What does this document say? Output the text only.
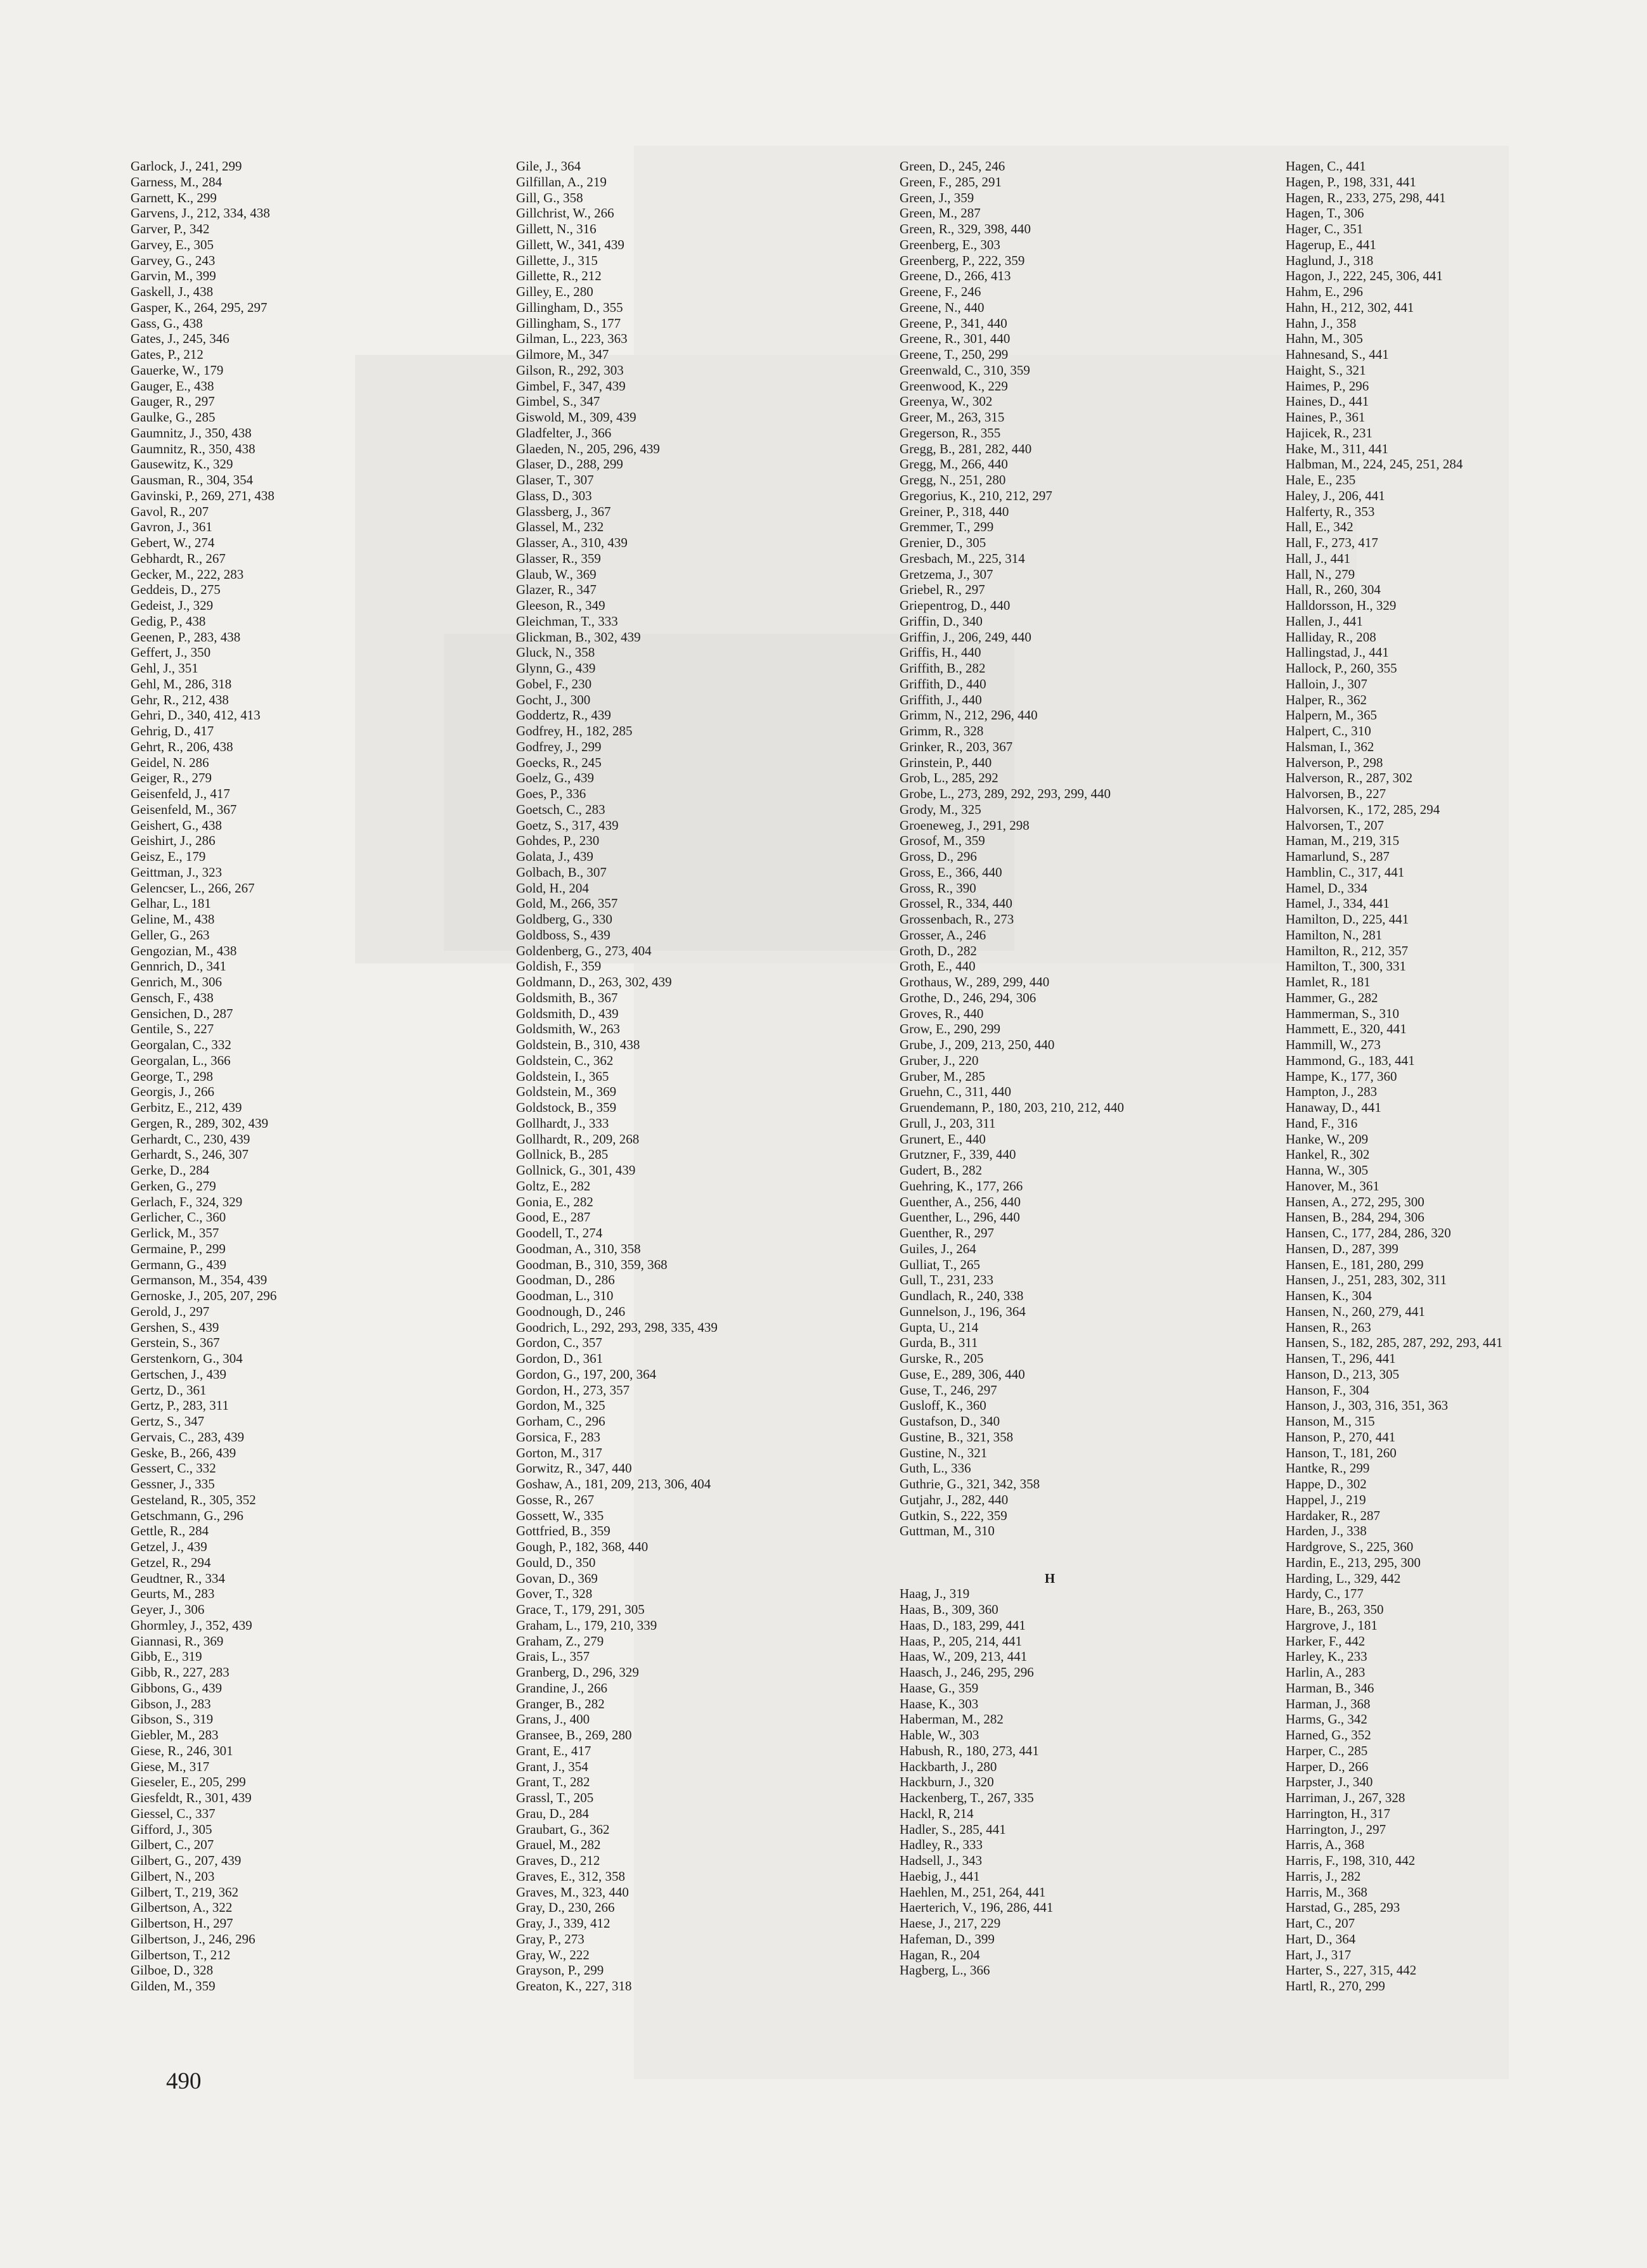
Garlock, J., 241, 299
Garness, M., 284
Garnett, K., 299
Garvens, J., 212, 334, 438
Garver, P., 342
Garvey, E., 305
Garvey, G., 243
Garvin, M., 399
Gaskell, J., 438
Gasper, K., 264, 295, 297
Gass, G., 438
Gates, J., 245, 346
Gates, P., 212
Gauerke, W., 179
Gauger, E., 438
Gauger, R., 297
Gaulke, G., 285
Gaumnitz, J., 350, 438
Gaumnitz, R., 350, 438
Gausewitz, K., 329
Gausman, R., 304, 354
Gavinski, P., 269, 271, 438
Gavol, R., 207
Gavron, J., 361
Gebert, W., 274
Gebhardt, R., 267
Gecker, M., 222, 283
Geddeis, D., 275
Gedeist, J., 329
Gedig, P., 438
Geenen, P., 283, 438
Geffert, J., 350
Gehl, J., 351
Gehl, M., 286, 318
Gehr, R., 212, 438
Gehri, D., 340, 412, 413
Gehrig, D., 417
Gehrt, R., 206, 438
Geidel, N. 286
Geiger, R., 279
Geisenfeld, J., 417
Geisenfeld, M., 367
Geishert, G., 438
Geishirt, J., 286
Geisz, E., 179
Geittman, J., 323
Gelencser, L., 266, 267
Gelhar, L., 181
Geline, M., 438
Geller, G., 263
Gengozian, M., 438
Gennrich, D., 341
Genrich, M., 306
Gensch, F., 438
Gensichen, D., 287
Gentile, S., 227
Georgalan, C., 332
Georgalan, L., 366
George, T., 298
Georgis, J., 266
Gerbitz, E., 212, 439
Gergen, R., 289, 302, 439
Gerhardt, C., 230, 439
Gerhardt, S., 246, 307
Gerke, D., 284
Gerken, G., 279
Gerlach, F., 324, 329
Gerlicher, C., 360
Gerlick, M., 357
Germaine, P., 299
Germann, G., 439
Germanson, M., 354, 439
Gernoske, J., 205, 207, 296
Gerold, J., 297
Gershen, S., 439
Gerstein, S., 367
Gerstenkorn, G., 304
Gertschen, J., 439
Gertz, D., 361
Gertz, P., 283, 311
Gertz, S., 347
Gervais, C., 283, 439
Geske, B., 266, 439
Gessert, C., 332
Gessner, J., 335
Gesteland, R., 305, 352
Getschmann, G., 296
Gettle, R., 284
Getzel, J., 439
Getzel, R., 294
Geudtner, R., 334
Geurts, M., 283
Geyer, J., 306
Ghormley, J., 352, 439
Giannasi, R., 369
Gibb, E., 319
Gibb, R., 227, 283
Gibbons, G., 439
Gibson, J., 283
Gibson, S., 319
Giebler, M., 283
Giese, R., 246, 301
Giese, M., 317
Gieseler, E., 205, 299
Giesfeldt, R., 301, 439
Giessel, C., 337
Gifford, J., 305
Gilbert, C., 207
Gilbert, G., 207, 439
Gilbert, N., 203
Gilbert, T., 219, 362
Gilbertson, A., 322
Gilbertson, H., 297
Gilbertson, J., 246, 296
Gilbertson, T., 212
Gilboe, D., 328
Gilden, M., 359
Gile, J., 364
Gilfillan, A., 219
Gill, G., 358
Gillchrist, W., 266
Gillett, N., 316
Gillett, W., 341, 439
Gillette, J., 315
Gillette, R., 212
Gilley, E., 280
Gillingham, D., 355
Gillingham, S., 177
Gilman, L., 223, 363
Gilmore, M., 347
Gilson, R., 292, 303
Gimbel, F., 347, 439
Gimbel, S., 347
Giswold, M., 309, 439
Gladfelter, J., 366
Glaeden, N., 205, 296, 439
Glaser, D., 288, 299
Glaser, T., 307
Glass, D., 303
Glassberg, J., 367
Glassel, M., 232
Glasser, A., 310, 439
Glasser, R., 359
Glaub, W., 369
Glazer, R., 347
Gleeson, R., 349
Gleichman, T., 333
Glickman, B., 302, 439
Gluck, N., 358
Glynn, G., 439
Gobel, F., 230
Gocht, J., 300
Goddertz, R., 439
Godfrey, H., 182, 285
Godfrey, J., 299
Goecks, R., 245
Goelz, G., 439
Goes, P., 336
Goetsch, C., 283
Goetz, S., 317, 439
Gohdes, P., 230
Golata, J., 439
Golbach, B., 307
Gold, H., 204
Gold, M., 266, 357
Goldberg, G., 330
Goldboss, S., 439
Goldenberg, G., 273, 404
Goldish, F., 359
Goldmann, D., 263, 302, 439
Goldsmith, B., 367
Goldsmith, D., 439
Goldsmith, W., 263
Goldstein, B., 310, 438
Goldstein, C., 362
Goldstein, I., 365
Goldstein, M., 369
Goldstock, B., 359
Gollhardt, J., 333
Gollhardt, R., 209, 268
Gollnick, B., 285
Gollnick, G., 301, 439
Goltz, E., 282
Gonia, E., 282
Good, E., 287
Goodell, T., 274
Goodman, A., 310, 358
Goodman, B., 310, 359, 368
Goodman, D., 286
Goodman, L., 310
Goodnough, D., 246
Goodrich, L., 292, 293, 298, 335, 439
Gordon, C., 357
Gordon, D., 361
Gordon, G., 197, 200, 364
Gordon, H., 273, 357
Gordon, M., 325
Gorham, C., 296
Gorsica, F., 283
Gorton, M., 317
Gorwitz, R., 347, 440
Goshaw, A., 181, 209, 213, 306, 404
Gosse, R., 267
Gossett, W., 335
Gottfried, B., 359
Gough, P., 182, 368, 440
Gould, D., 350
Govan, D., 369
Gover, T., 328
Grace, T., 179, 291, 305
Graham, L., 179, 210, 339
Graham, Z., 279
Grais, L., 357
Granberg, D., 296, 329
Grandine, J., 266
Granger, B., 282
Grans, J., 400
Gransee, B., 269, 280
Grant, E., 417
Grant, J., 354
Grant, T., 282
Grassl, T., 205
Grau, D., 284
Graubart, G., 362
Grauel, M., 282
Graves, D., 212
Graves, E., 312, 358
Graves, M., 323, 440
Gray, D., 230, 266
Gray, J., 339, 412
Gray, P., 273
Gray, W., 222
Grayson, P., 299
Greaton, K., 227, 318
Green, D., 245, 246
Green, F., 285, 291
Green, J., 359
Green, M., 287
Green, R., 329, 398, 440
Greenberg, E., 303
Greenberg, P., 222, 359
Greene, D., 266, 413
Greene, F., 246
Greene, N., 440
Greene, P., 341, 440
Greene, R., 301, 440
Greene, T., 250, 299
Greenwald, C., 310, 359
Greenwood, K., 229
Greenya, W., 302
Greer, M., 263, 315
Gregerson, R., 355
Gregg, B., 281, 282, 440
Gregg, M., 266, 440
Gregg, N., 251, 280
Gregorius, K., 210, 212, 297
Greiner, P., 318, 440
Gremmer, T., 299
Grenier, D., 305
Gresbach, M., 225, 314
Gretzema, J., 307
Griebel, R., 297
Griepentrog, D., 440
Griffin, D., 340
Griffin, J., 206, 249, 440
Griffis, H., 440
Griffith, B., 282
Griffith, D., 440
Griffith, J., 440
Grimm, N., 212, 296, 440
Grimm, R., 328
Grinker, R., 203, 367
Grinstein, P., 440
Grob, L., 285, 292
Grobe, L., 273, 289, 292, 293, 299, 440
Grody, M., 325
Groeneweg, J., 291, 298
Grosof, M., 359
Gross, D., 296
Gross, E., 366, 440
Gross, R., 390
Grossel, R., 334, 440
Grossenbach, R., 273
Grosser, A., 246
Groth, D., 282
Groth, E., 440
Grothaus, W., 289, 299, 440
Grothe, D., 246, 294, 306
Groves, R., 440
Grow, E., 290, 299
Grube, J., 209, 213, 250, 440
Gruber, J., 220
Gruber, M., 285
Gruehn, C., 311, 440
Gruendemann, P., 180, 203, 210, 212, 440
Grull, J., 203, 311
Grunert, E., 440
Grutzner, F., 339, 440
Gudert, B., 282
Guehring, K., 177, 266
Guenther, A., 256, 440
Guenther, L., 296, 440
Guenther, R., 297
Guiles, J., 264
Gulliat, T., 265
Gull, T., 231, 233
Gundlach, R., 240, 338
Gunnelson, J., 196, 364
Gupta, U., 214
Gurda, B., 311
Gurske, R., 205
Guse, E., 289, 306, 440
Guse, T., 246, 297
Gusloff, K., 360
Gustafson, D., 340
Gustine, B., 321, 358
Gustine, N., 321
Guth, L., 336
Guthrie, G., 321, 342, 358
Gutjahr, J., 282, 440
Gutkin, S., 222, 359
Guttman, M., 310
H
Haag, J., 319
Haas, B., 309, 360
Haas, D., 183, 299, 441
Haas, P., 205, 214, 441
Haas, W., 209, 213, 441
Haasch, J., 246, 295, 296
Haase, G., 359
Haase, K., 303
Haberman, M., 282
Hable, W., 303
Habush, R., 180, 273, 441
Hackbarth, J., 280
Hackburn, J., 320
Hackenberg, T., 267, 335
Hackl, R, 214
Hadler, S., 285, 441
Hadley, R., 333
Hadsell, J., 343
Haebig, J., 441
Haehlen, M., 251, 264, 441
Haerterich, V., 196, 286, 441
Haese, J., 217, 229
Hafeman, D., 399
Hagan, R., 204
Hagberg, L., 366
Hagen, C., 441
Hagen, P., 198, 331, 441
Hagen, R., 233, 275, 298, 441
Hagen, T., 306
Hager, C., 351
Hagerup, E., 441
Haglund, J., 318
Hagon, J., 222, 245, 306, 441
Hahm, E., 296
Hahn, H., 212, 302, 441
Hahn, J., 358
Hahn, M., 305
Hahnesand, S., 441
Haight, S., 321
Haimes, P., 296
Haines, D., 441
Haines, P., 361
Hajicek, R., 231
Hake, M., 311, 441
Halbman, M., 224, 245, 251, 284
Hale, E., 235
Haley, J., 206, 441
Halferty, R., 353
Hall, E., 342
Hall, F., 273, 417
Hall, J., 441
Hall, N., 279
Hall, R., 260, 304
Halldorsson, H., 329
Hallen, J., 441
Halliday, R., 208
Hallingstad, J., 441
Hallock, P., 260, 355
Halloin, J., 307
Halper, R., 362
Halpern, M., 365
Halpert, C., 310
Halsman, I., 362
Halverson, P., 298
Halverson, R., 287, 302
Halvorsen, B., 227
Halvorsen, K., 172, 285, 294
Halvorsen, T., 207
Haman, M., 219, 315
Hamarlund, S., 287
Hamblin, C., 317, 441
Hamel, D., 334
Hamel, J., 334, 441
Hamilton, D., 225, 441
Hamilton, N., 281
Hamilton, R., 212, 357
Hamilton, T., 300, 331
Hamlet, R., 181
Hammer, G., 282
Hammerman, S., 310
Hammett, E., 320, 441
Hammill, W., 273
Hammond, G., 183, 441
Hampe, K., 177, 360
Hampton, J., 283
Hanaway, D., 441
Hand, F., 316
Hanke, W., 209
Hankel, R., 302
Hanna, W., 305
Hanover, M., 361
Hansen, A., 272, 295, 300
Hansen, B., 284, 294, 306
Hansen, C., 177, 284, 286, 320
Hansen, D., 287, 399
Hansen, E., 181, 280, 299
Hansen, J., 251, 283, 302, 311
Hansen, K., 304
Hansen, N., 260, 279, 441
Hansen, R., 263
Hansen, S., 182, 285, 287, 292, 293, 441
Hansen, T., 296, 441
Hanson, D., 213, 305
Hanson, F., 304
Hanson, J., 303, 316, 351, 363
Hanson, M., 315
Hanson, P., 270, 441
Hanson, T., 181, 260
Hantke, R., 299
Happe, D., 302
Happel, J., 219
Hardaker, R., 287
Harden, J., 338
Hardgrove, S., 225, 360
Hardin, E., 213, 295, 300
Harding, L., 329, 442
Hardy, C., 177
Hare, B., 263, 350
Hargrove, J., 181
Harker, F., 442
Harley, K., 233
Harlin, A., 283
Harman, B., 346
Harman, J., 368
Harms, G., 342
Harned, G., 352
Harper, C., 285
Harper, D., 266
Harpster, J., 340
Harriman, J., 267, 328
Harrington, H., 317
Harrington, J., 297
Harris, A., 368
Harris, F., 198, 310, 442
Harris, J., 282
Harris, M., 368
Harstad, G., 285, 293
Hart, C., 207
Hart, D., 364
Hart, J., 317
Harter, S., 227, 315, 442
Hartl, R., 270, 299
490
